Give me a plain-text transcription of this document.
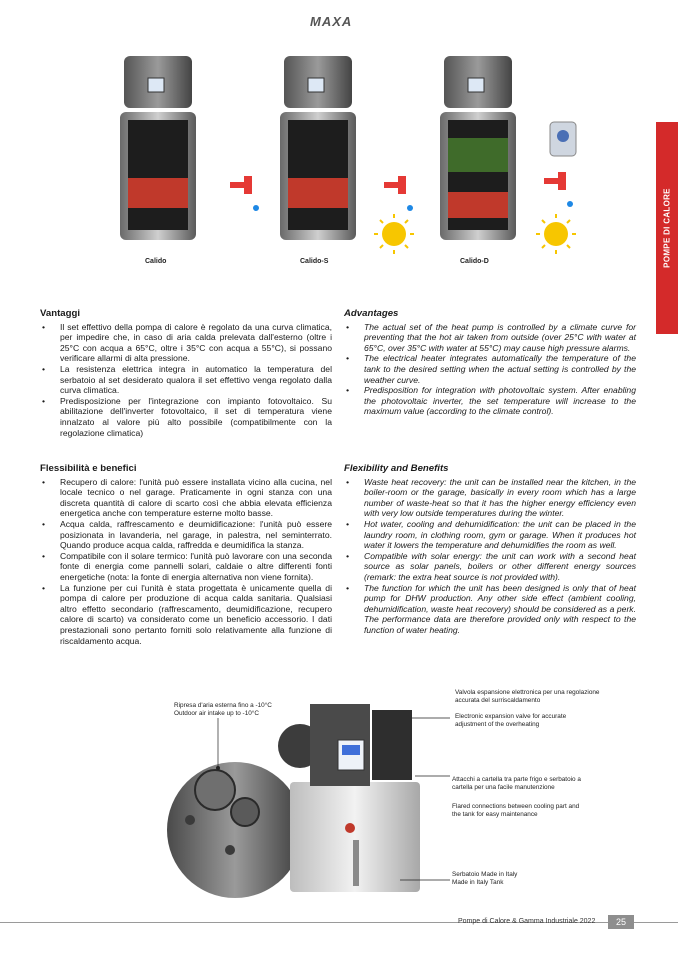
MAXA
POMPE DI CALORE
Calido	Calido-S	Calido-D
Vantaggi
• Il set effettivo della pompa di calore è regolato da una curva climatica, per impedire che, in caso di aria calda prelevata dall'esterno (oltre i 25°C con acqua a 65°C, oltre i 35°C con acqua a 55°C), si possano verificare allarmi di alta pressione.
• La resistenza elettrica integra in automatico la temperatura del serbatoio al set desiderato qualora il set effettivo venga regolato dalla curva climatica.
• Predisposizione per l'integrazione con impianto fotovoltaico. Su abilitazione dell'inverter fotovoltaico, il set di temperatura viene innalzato al valore più alto possibile (compatibilmente con la regolazione climatica)
Advantages
• The actual set of the heat pump is controlled by a climate curve for preventing that the hot air taken from outside (over 25°C with water at 65°C, over 35°C with water at 55°C) may cause high pressure alarms.
• The electrical heater integrates automatically the temperature of the tank to the desired setting when the actual setting is controlled by the weather curve.
• Predisposition for integration with photovoltaic system. After enabling the photovoltaic inverter, the set temperature will increase to the maximum value (according to the climate control).
Flessibilità e benefici
• Recupero di calore: l'unità può essere installata vicino alla cucina, nel locale tecnico o nel garage. Praticamente in ogni stanza con una discreta quantità di calore di scarto così che abbia elevata efficienza energetica anche con temperature esterne molto basse.
• Acqua calda, raffrescamento e deumidificazione: l'unità può essere posizionata in lavanderia, nel garage, in palestra, nel seminterrato. Quando produce acqua calda, raffredda e deumidifica la stanza.
• Compatibile con il solare termico: l'unità può lavorare con una seconda fonte di energia come pannelli solari, caldaie o altre differenti fonti energetiche (nota: la fonte di energia alternativa non viene fornita).
• La funzione per cui l'unità è stata progettata è unicamente quella di pompa di calore per produzione di acqua calda sanitaria. Qualsiasi altro effetto secondario (raffrescamento, deumidificazione, recupero calore di scarto) va considerato come un beneficio accessorio. I dati prestazionali sono pertanto forniti solo relativamente alla funzione di riscaldamento acqua.
Flexibility and Benefits
• Waste heat recovery: the unit can be installed near the kitchen, in the boiler-room or the garage, basically in every room which has a large number of waste-heat so that it has the higher energy efficiency even with very low outside temperatures during the winter.
• Hot water, cooling and dehumidification: the unit can be placed in the laundry room, in clothing room, gym or garage. When it produces hot water it lowers the temperature and dehumidifies the room as well.
• Compatible with solar energy: the unit can work with a second heat source as solar panels, boilers or other different energy sources (remark: the extra heat source is not provided with).
• The function for which the unit has been designed is only that of heat pump for DHW production. Any other side effect (ambient cooling, dehumidification, waste heat recovery) should be considered as a perk. The performance data are therefore provided only with respect to the function of water heating.
Ripresa d'aria esterna fino a -10°C
Outdoor air intake up to -10°C
Valvola espansione elettronica per una regolazione
accurata del surriscaldamento
Electronic expansion valve for accurate
adjustment of the overheating
Attacchi a cartella tra parte frigo e serbatoio a
cartella per una facile manutenzione
Flared connections between cooling part and
the tank for easy maintenance
Serbatoio Made in Italy
Made in Italy Tank
Pompe di Calore & Gamma Industriale 2022	25
